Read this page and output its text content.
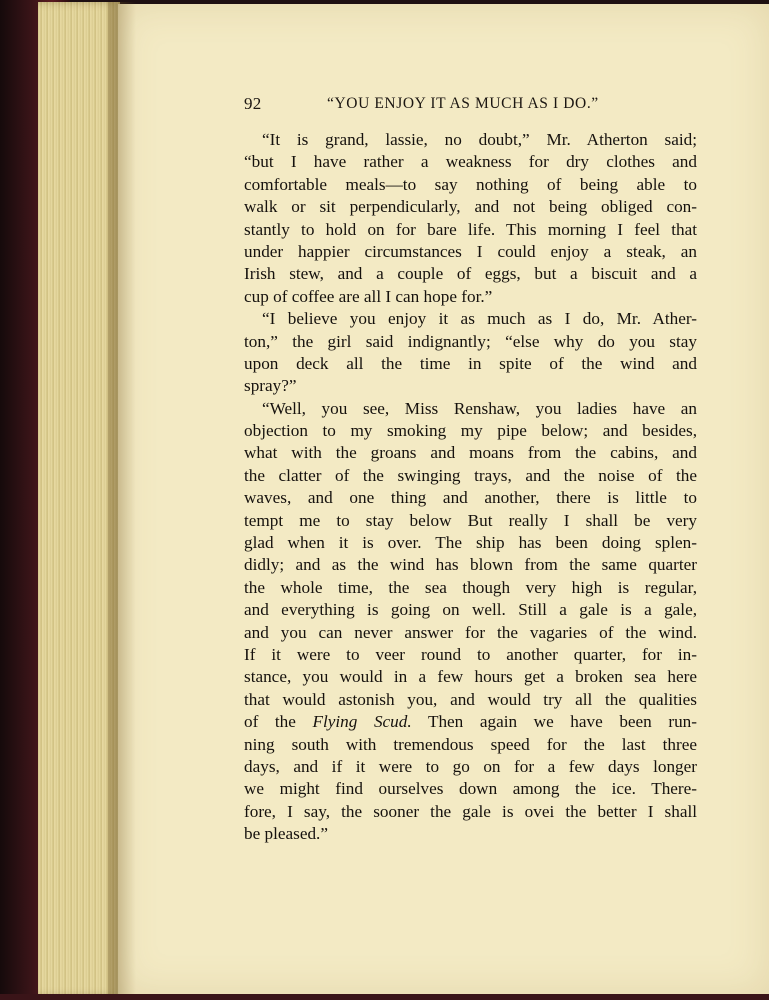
92	“YOU ENJOY IT AS MUCH AS I DO.”
“It is grand, lassie, no doubt,” Mr. Atherton said;
“but I have rather a weakness for dry clothes and
comfortable meals—to say nothing of being able to
walk or sit perpendicularly, and not being obliged con-
stantly to hold on for bare life. This morning I feel that
under happier circumstances I could enjoy a steak, an
Irish stew, and a couple of eggs, but a biscuit and a
cup of coffee are all I can hope for.”
“I believe you enjoy it as much as I do, Mr. Ather-
ton,” the girl said indignantly; “else why do you stay
upon deck all the time in spite of the wind and
spray?”
“Well, you see, Miss Renshaw, you ladies have an
objection to my smoking my pipe below; and besides,
what with the groans and moans from the cabins, and
the clatter of the swinging trays, and the noise of the
waves, and one thing and another, there is little to
tempt me to stay below But really I shall be very
glad when it is over. The ship has been doing splen-
didly; and as the wind has blown from the same quarter
the whole time, the sea though very high is regular,
and everything is going on well. Still a gale is a gale,
and you can never answer for the vagaries of the wind.
If it were to veer round to another quarter, for in-
stance, you would in a few hours get a broken sea here
that would astonish you, and would try all the qualities
of the Flying Scud. Then again we have been run-
ning south with tremendous speed for the last three
days, and if it were to go on for a few days longer
we might find ourselves down among the ice. There-
fore, I say, the sooner the gale is ovei the better I shall
be pleased.”
